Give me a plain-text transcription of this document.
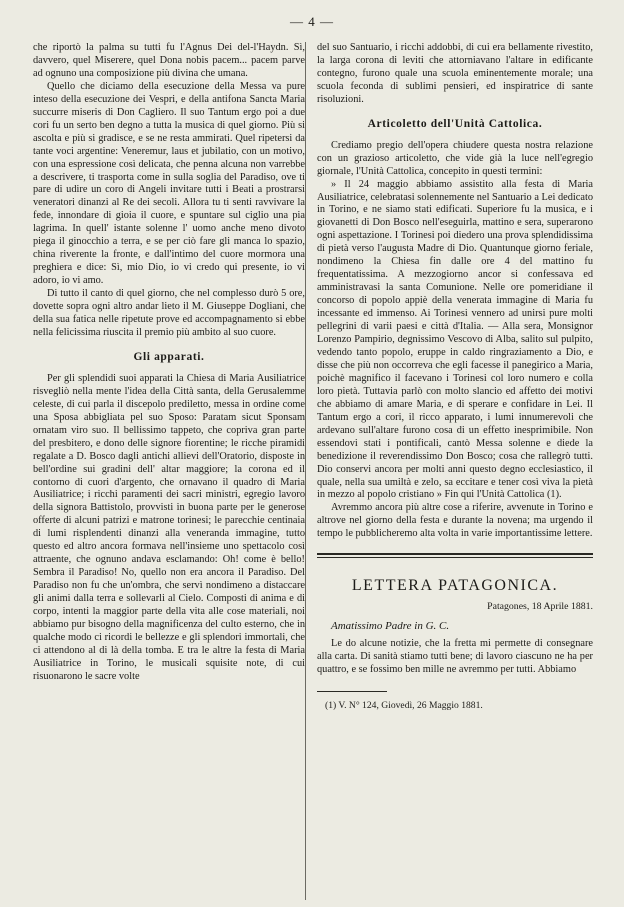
— 4 —

che riportò la palma su tutti fu l'Agnus Dei del-l'Haydn. Sì, davvero, quel Miserere, quel Dona nobis pacem... pacem parve ad ognuno una composizione più divina che umana.

Quello che diciamo della esecuzione della Messa va pure inteso della esecuzione dei Vespri, e della antifona Sancta Maria succurre miseris di Don Cagliero. Il suo Tantum ergo poi a due cori fu un serto ben degno a tutta la musica di quel giorno. Più si ascolta e più si gradisce, e se ne resta ammirati. Quel ripetersi da tante voci argentine: Veneremur, laus et jubilatio, con un motivo, con una espressione così delicata, che penna alcuna non varrebbe a descrivere, ti trasporta come in sulla soglia del Paradiso, ove ti pare di udire un coro di Angeli invitare tutti i Beati a prostrarsi veneratori dinanzi al Re dei secoli. Allora tu ti senti ravvivare la fede, innondare di gioia il cuore, e spuntare sul ciglio una pia lagrima. In quell' istante solenne l' uomo anche meno divoto piega il ginocchio a terra, e se per ciò fare gli manca lo spazio, china riverente la fronte, e dall'intimo del cuore mormora una preghiera e dice: Sì, mio Dio, io vi credo qui presente, io vi adoro, io vi amo.

Di tutto il canto di quel giorno, che nel complesso durò 5 ore, dovette sopra ogni altro andar lieto il M. Giuseppe Dogliani, che della sua fatica nelle ripetute prove ed accompagnamento si ebbe nella felicissima riuscita il premio più ambito al suo cuore.

Gli apparati.

Per gli splendidi suoi apparati la Chiesa di Maria Ausiliatrice risvegliò nella mente l'idea della Città santa, della Gerusalemme celeste, di cui parla il discepolo prediletto, messa in ordine come una Sposa abbigliata pel suo Sposo: Paratam sicut Sponsam ornatam viro suo. Il bellissimo tappeto, che copriva gran parte del presbitero, e dono delle signore fiorentine; le ricche piramidi regalate a D. Bosco dagli antichi allievi dell'Oratorio, disposte in bell'ordine sui gradini dell' altar maggiore; la corona ed il contorno di cuori d'argento, che ornavano il quadro di Maria Ausiliatrice; i ricchi paramenti dei sacri ministri, egregio lavoro della signora Battistolo, provvisti in buona parte per le generose offerte di alcuni patrizi e matrone torinesi; le parecchie centinaia di lumi risplendenti dinanzi alla veneranda immagine, tutto questo ed altro ancora formava nell'insieme uno spettacolo così attraente, che ognuno andava esclamando: Oh! come è bello! Sembra il Paradiso! No, quello non era ancora il Paradiso. Del Paradiso non fu che un'ombra, che servì nondimeno a distaccare gli animi dalla terra e sollevarli al Cielo. Composti di anima e di corpo, intenti la maggior parte della vita alle cose materiali, noi abbiamo pur bisogno della magnificenza del culto esterno, che in qualche modo ci ricordi le bellezze e gli splendori immortali, che ci attendono al di là della tomba. E tra le altre la festa di Maria Ausiliatrice in Torino, le musicali squisite note, di cui risuonarono le sacre volte

del suo Santuario, i ricchi addobbi, di cui era bellamente rivestito, la larga corona di leviti che attorniavano l'altare in edificante contegno, furono quale una scuola eminentemente morale; una scuola feconda di sublimi pensieri, ed inspiratrice di sante risoluzioni.

Articoletto dell'Unità Cattolica.

Crediamo pregio dell'opera chiudere questa nostra relazione con un grazioso articoletto, che vide già la luce nell'egregio giornale, l'Unità Cattolica, concepito in questi termini:

» Il 24 maggio abbiamo assistito alla festa di Maria Ausiliatrice, celebratasi solennemente nel Santuario a Lei dedicato in Torino, e ne siamo stati edificati. Superiore fu la musica, e i giovanetti di Don Bosco nell'eseguirla, mattino e sera, superarono ogni aspettazione. I Torinesi poi diedero una prova splendidissima di pietà verso l'augusta Madre di Dio. Quantunque giorno feriale, nondimeno la Chiesa fin dalle ore 4 del mattino fu frequentatissima. A mezzogiorno ancor si confessava ed amministravasi la santa Comunione. Nelle ore pomeridiane il concorso di popolo appiè della venerata immagine di Maria fu incessante ed immenso. Ai Torinesi vennero ad unirsi pure molti pellegrini di varii paesi e città d'Italia. — Alla sera, Monsignor Lorenzo Pampirio, degnissimo Vescovo di Alba, salito sul pulpito, vedendo tanto popolo, eruppe in caldo ringraziamento a Dio, e disse che più non occorreva che egli facesse il panegirico a Maria, poichè magnifico il facevano i Torinesi col loro numero e colla loro pietà. Tuttavia parlò con molto slancio ed affetto dei motivi che abbiamo di amare Maria, e di sperare e confidare in Lei. Il Tantum ergo a cori, il ricco apparato, i lumi innumerevoli che ardevano sull'altare furono cosa di un effetto inesprimibile. Non essendovi stati i pontificali, cantò Messa solenne e diede la benedizione il reverendissimo Don Bosco; cosa che rallegrò tutti. Dio conservi ancora per molti anni questo degno ecclesiastico, il quale, nella sua umiltà e zelo, sa eccitare e tener così viva la pietà in mezzo al popolo cristiano » Fin qui l'Unità Cattolica (1).

Avremmo ancora più altre cose a riferire, avvenute in Torino e altrove nel giorno della festa e durante la novena; ma urgendo il tempo le pubblicheremo alta volta in varie importantissime lettere.

LETTERA PATAGONICA.
Patagones, 18 Aprile 1881.

Amatissimo Padre in G. C.

Le do alcune notizie, che la fretta mi permette di consegnare alla carta. Di sanità stiamo tutti bene; di lavoro ciascuno ne ha per quattro, e se fossimo ben mille ne avremmo per tutti. Abbiamo

(1) V. N° 124, Giovedì, 26 Maggio 1881.
